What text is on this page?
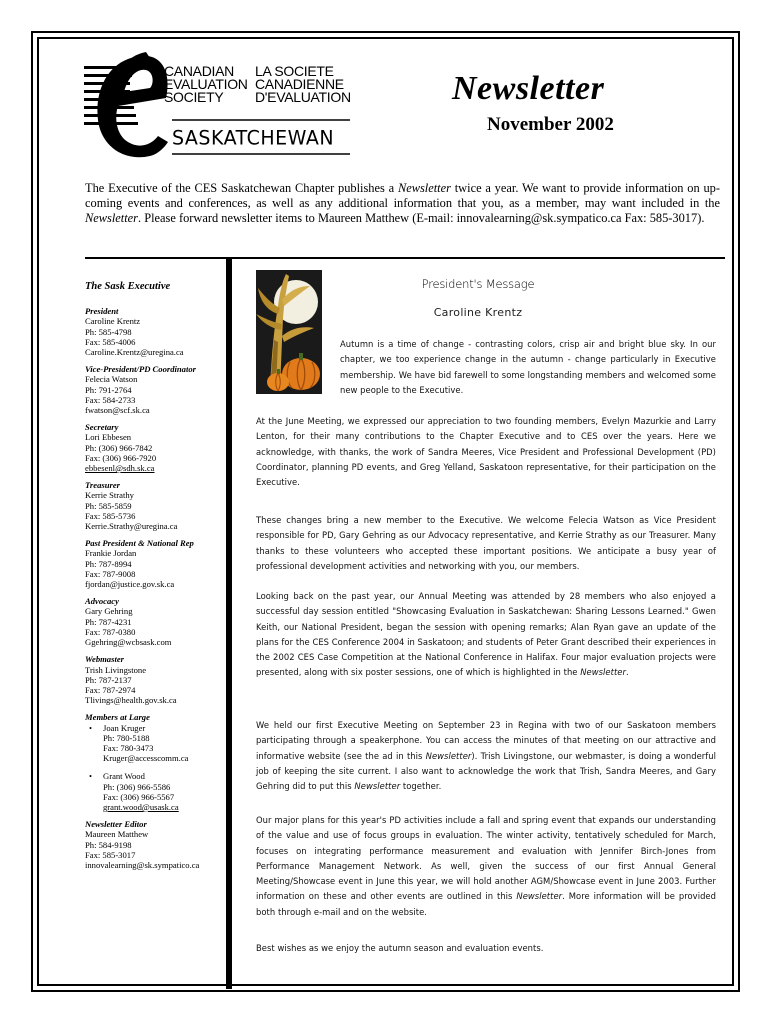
CANADIAN
EVALUATION
SOCIETY
LA SOCIETE
CANADIENNE
D'EVALUATION
SASKATCHEWAN
Newsletter
November 2002
The Executive of the CES Saskatchewan Chapter publishes a Newsletter twice a year. We want to provide information on up-coming events and conferences, as well as any additional information that you, as a member, may want included in the Newsletter. Please forward newsletter items to Maureen Matthew (E-mail: innovalearning@sk.sympatico.ca Fax: 585-3017).
The Sask Executive
President
Caroline Krentz
Ph: 585-4798
Fax: 585-4006
Caroline.Krentz@uregina.ca
Vice-President/PD Coordinator
Felecia Watson
Ph: 791-2764
Fax: 584-2733
fwatson@scf.sk.ca
Secretary
Lori Ebbesen
Ph: (306) 966-7842
Fax: (306) 966-7920
ebbesenl@sdh.sk.ca
Treasurer
Kerrie Strathy
Ph: 585-5859
Fax: 585-5736
Kerrie.Strathy@uregina.ca
Past President & National Rep
Frankie Jordan
Ph: 787-8994
Fax: 787-9008
fjordan@justice.gov.sk.ca
Advocacy
Gary Gehring
Ph: 787-4231
Fax: 787-0380
Ggehring@wcbsask.com
Webmaster
Trish Livingstone
Ph: 787-2137
Fax: 787-2974
Tlivings@health.gov.sk.ca
Members at Large
• Joan Kruger
Ph: 780-5188
Fax: 780-3473
Kruger@accesscomm.ca
• Grant Wood
Ph: (306) 966-5586
Fax: (306) 966-5567
grant.wood@usask.ca
Newsletter Editor
Maureen Matthew
Ph: 584-9198
Fax: 585-3017
innovalearning@sk.sympatico.ca
President's Message
Caroline Krentz
Autumn is a time of change - contrasting colors, crisp air and bright blue sky. In our chapter, we too experience change in the autumn - change particularly in Executive membership. We have bid farewell to some longstanding members and welcomed some new people to the Executive.
At the June Meeting, we expressed our appreciation to two founding members, Evelyn Mazurkie and Larry Lenton, for their many contributions to the Chapter Executive and to CES over the years. Here we acknowledge, with thanks, the work of Sandra Meeres, Vice President and Professional Development (PD) Coordinator, planning PD events, and Greg Yelland, Saskatoon representative, for their participation on the Executive.
These changes bring a new member to the Executive. We welcome Felecia Watson as Vice President responsible for PD, Gary Gehring as our Advocacy representative, and Kerrie Strathy as our Treasurer. Many thanks to these volunteers who accepted these important positions. We anticipate a busy year of professional development activities and networking with you, our members.
Looking back on the past year, our Annual Meeting was attended by 28 members who also enjoyed a successful day session entitled "Showcasing Evaluation in Saskatchewan: Sharing Lessons Learned." Gwen Keith, our National President, began the session with opening remarks; Alan Ryan gave an update of the plans for the CES Conference 2004 in Saskatoon; and students of Peter Grant described their experiences in the 2002 CES Case Competition at the National Conference in Halifax. Four major evaluation projects were presented, along with six poster sessions, one of which is highlighted in the Newsletter.
We held our first Executive Meeting on September 23 in Regina with two of our Saskatoon members participating through a speakerphone. You can access the minutes of that meeting on our attractive and informative website (see the ad in this Newsletter). Trish Livingstone, our webmaster, is doing a wonderful job of keeping the site current. I also want to acknowledge the work that Trish, Sandra Meeres, and Gary Gehring did to put this Newsletter together.
Our major plans for this year's PD activities include a fall and spring event that expands our understanding of the value and use of focus groups in evaluation. The winter activity, tentatively scheduled for March, focuses on integrating performance measurement and evaluation with Jennifer Birch-Jones from Performance Management Network. As well, given the success of our first Annual General Meeting/Showcase event in June this year, we will hold another AGM/Showcase event in June 2003. Further information on these and other events are outlined in this Newsletter. More information will be provided both through e-mail and on the website.
Best wishes as we enjoy the autumn season and evaluation events.
